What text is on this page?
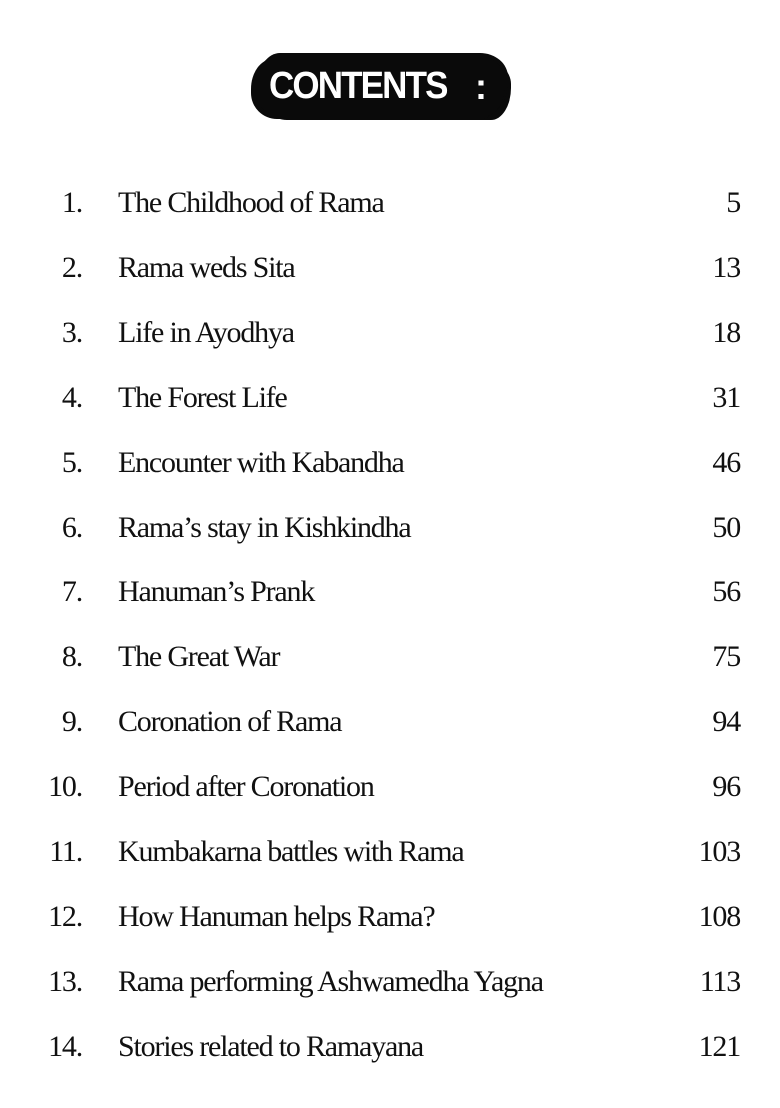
CONTENTS :
1. The Childhood of Rama	5
2. Rama weds Sita	13
3. Life in Ayodhya	18
4. The Forest Life	31
5. Encounter with Kabandha	46
6. Rama’s stay in Kishkindha	50
7. Hanuman’s Prank	56
8. The Great War	75
9. Coronation of Rama	94
10. Period after Coronation	96
11. Kumbakarna battles with Rama	103
12. How Hanuman helps Rama?	108
13. Rama performing Ashwamedha Yagna	113
14. Stories related to Ramayana	121
